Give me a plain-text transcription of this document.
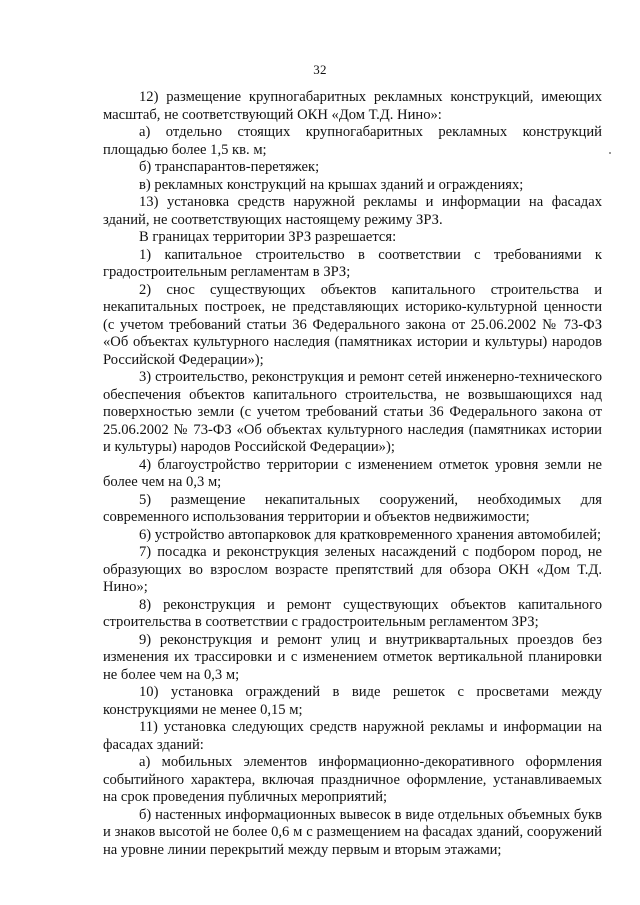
32

12) размещение крупногабаритных рекламных конструкций, имеющих масштаб, не соответствующий ОКН «Дом Т.Д. Нино»:

а) отдельно стоящих крупногабаритных рекламных конструкций площадью более 1,5 кв. м;

б) транспарантов-перетяжек;

в) рекламных конструкций на крышах зданий и ограждениях;

13) установка средств наружной рекламы и информации на фасадах зданий, не соответствующих настоящему режиму ЗРЗ.

В границах территории ЗРЗ разрешается:

1) капитальное строительство в соответствии с требованиями к градостроительным регламентам в ЗРЗ;

2) снос существующих объектов капитального строительства и некапитальных построек, не представляющих историко-культурной ценности (с учетом требований статьи 36 Федерального закона от 25.06.2002 № 73-ФЗ «Об объектах культурного наследия (памятниках истории и культуры) народов Российской Федерации»);

3) строительство, реконструкция и ремонт сетей инженерно-технического обеспечения объектов капитального строительства, не возвышающихся над поверхностью земли (с учетом требований статьи 36 Федерального закона от 25.06.2002 № 73-ФЗ «Об объектах культурного наследия (памятниках истории и культуры) народов Российской Федерации»);

4) благоустройство территории с изменением отметок уровня земли не более чем на 0,3 м;

5) размещение некапитальных сооружений, необходимых для современного использования территории и объектов недвижимости;

6) устройство автопарковок для кратковременного хранения автомобилей;

7) посадка и реконструкция зеленых насаждений с подбором пород, не образующих во взрослом возрасте препятствий для обзора ОКН «Дом Т.Д. Нино»;

8) реконструкция и ремонт существующих объектов капитального строительства в соответствии с градостроительным регламентом ЗРЗ;

9) реконструкция и ремонт улиц и внутриквартальных проездов без изменения их трассировки и с изменением отметок вертикальной планировки не более чем на 0,3 м;

10) установка ограждений в виде решеток с просветами между конструкциями не менее 0,15 м;

11) установка следующих средств наружной рекламы и информации на фасадах зданий:

а) мобильных элементов информационно-декоративного оформления событийного характера, включая праздничное оформление, устанавливаемых на срок проведения публичных мероприятий;

б) настенных информационных вывесок в виде отдельных объемных букв и знаков высотой не более 0,6 м с размещением на фасадах зданий, сооружений на уровне линии перекрытий между первым и вторым этажами;
